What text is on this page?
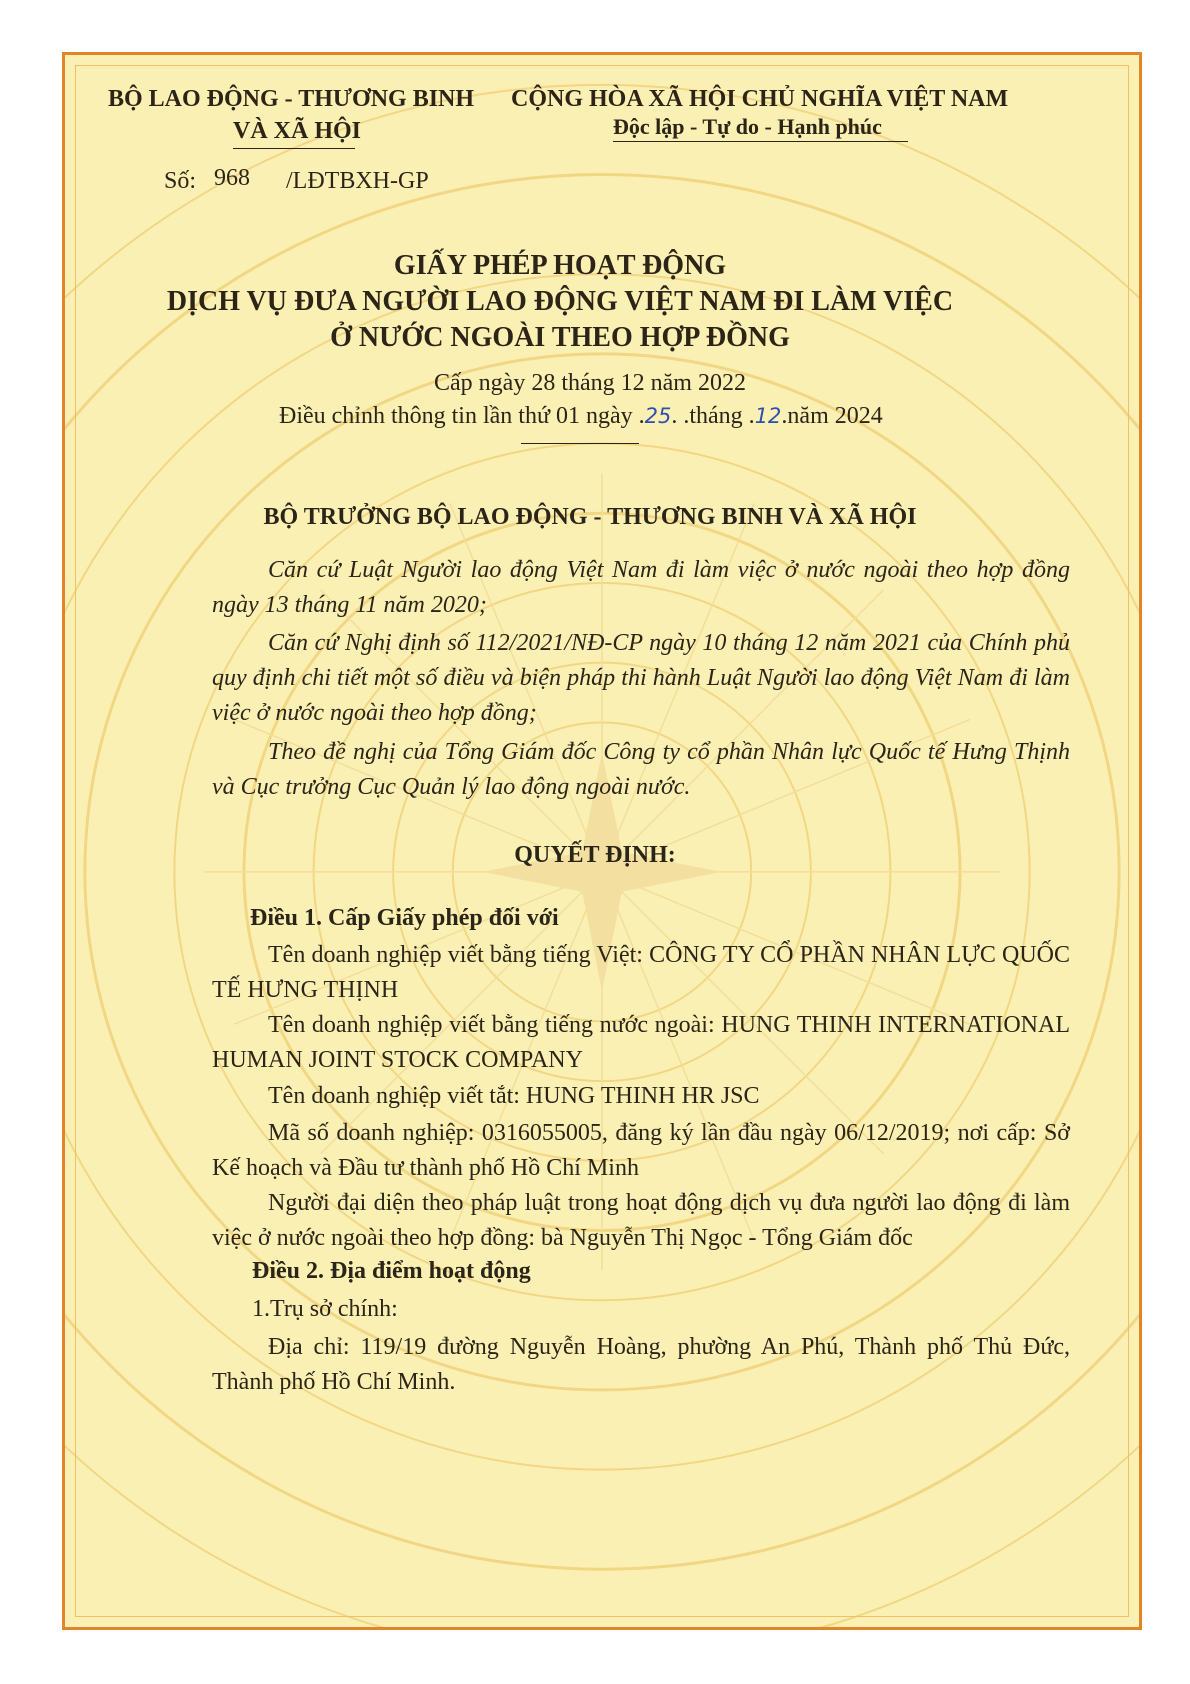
BỘ LAO ĐỘNG - THƯƠNG BINH
VÀ XÃ HỘI
CỘNG HÒA XÃ HỘI CHỦ NGHĨA VIỆT NAM
Độc lập - Tự do - Hạnh phúc
Số: 968 /LĐTBXH-GP
GIẤY PHÉP HOẠT ĐỘNG
DỊCH VỤ ĐƯA NGƯỜI LAO ĐỘNG VIỆT NAM ĐI LÀM VIỆC
Ở NƯỚC NGOÀI THEO HỢP ĐỒNG
Cấp ngày 28 tháng 12 năm 2022
Điều chỉnh thông tin lần thứ 01 ngày .25. .tháng .12.năm 2024
BỘ TRƯỞNG BỘ LAO ĐỘNG - THƯƠNG BINH VÀ XÃ HỘI
Căn cứ Luật Người lao động Việt Nam đi làm việc ở nước ngoài theo hợp đồng ngày 13 tháng 11 năm 2020;
Căn cứ Nghị định số 112/2021/NĐ-CP ngày 10 tháng 12 năm 2021 của Chính phủ quy định chi tiết một số điều và biện pháp thi hành Luật Người lao động Việt Nam đi làm việc ở nước ngoài theo hợp đồng;
Theo đề nghị của Tổng Giám đốc Công ty cổ phần Nhân lực Quốc tế Hưng Thịnh và Cục trưởng Cục Quản lý lao động ngoài nước.
QUYẾT ĐỊNH:
Điều 1. Cấp Giấy phép đối với
Tên doanh nghiệp viết bằng tiếng Việt: CÔNG TY CỔ PHẦN NHÂN LỰC QUỐC TẾ HƯNG THỊNH
Tên doanh nghiệp viết bằng tiếng nước ngoài: HUNG THINH INTERNATIONAL HUMAN JOINT STOCK COMPANY
Tên doanh nghiệp viết tắt: HUNG THINH HR JSC
Mã số doanh nghiệp: 0316055005, đăng ký lần đầu ngày 06/12/2019; nơi cấp: Sở Kế hoạch và Đầu tư thành phố Hồ Chí Minh
Người đại diện theo pháp luật trong hoạt động dịch vụ đưa người lao động đi làm việc ở nước ngoài theo hợp đồng: bà Nguyễn Thị Ngọc - Tổng Giám đốc
Điều 2. Địa điểm hoạt động
1.Trụ sở chính:
Địa chỉ: 119/19 đường Nguyễn Hoàng, phường An Phú, Thành phố Thủ Đức, Thành phố Hồ Chí Minh.
